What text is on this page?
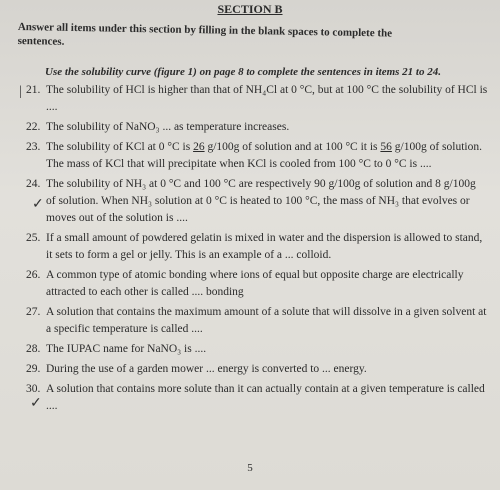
SECTION B
Answer all items under this section by filling in the blank spaces to complete the sentences.
Use the solubility curve (figure 1) on page 8 to complete the sentences in items 21 to 24.
|
✓
✓
21. The solubility of HCl is higher than that of NH₄Cl at 0 °C, but at 100 °C the solubility of HCl is ....
22. The solubility of NaNO₃ ... as temperature increases.
23. The solubility of KCl at 0 °C is 26 g/100g of solution and at 100 °C it is 56 g/100g of solution. The mass of KCl that will precipitate when KCl is cooled from 100 °C to 0 °C is ....
24. The solubility of NH₃ at 0 °C and 100 °C are respectively 90 g/100g of solution and 8 g/100g of solution. When NH₃ solution at 0 °C is heated to 100 °C, the mass of NH₃ that evolves or moves out of the solution is ....
25. If a small amount of powdered gelatin is mixed in water and the dispersion is allowed to stand, it sets to form a gel or jelly. This is an example of a ... colloid.
26. A common type of atomic bonding where ions of equal but opposite charge are electrically attracted to each other is called .... bonding
27. A solution that contains the maximum amount of a solute that will dissolve in a given solvent at a specific temperature is called ....
28. The IUPAC name for NaNO₃ is ....
29. During the use of a garden mower ... energy is converted to ... energy.
30. A solution that contains more solute than it can actually contain at a given temperature is called ....
5
